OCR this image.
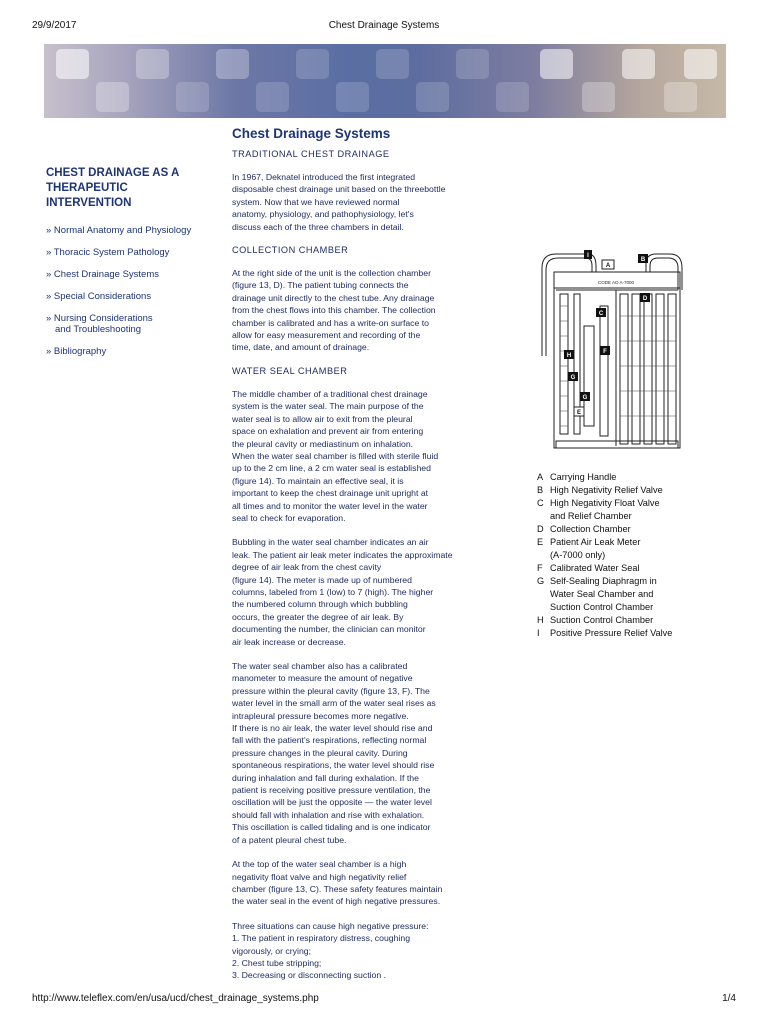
29/9/2017	Chest Drainage Systems
CHEST DRAINAGE AS A
THERAPEUTIC INTERVENTION
» Normal Anatomy and Physiology
» Thoracic System Pathology
» Chest Drainage Systems
» Special Considerations
» Nursing Considerations
and Troubleshooting
» Bibliography
Chest Drainage Systems
TRADITIONAL CHEST DRAINAGE

In 1967, Deknatel introduced the first integrated
disposable chest drainage unit based on the threebottle
system. Now that we have reviewed normal
anatomy, physiology, and pathophysiology, let's
discuss each of the three chambers in detail.

COLLECTION CHAMBER

At the right side of the unit is the collection chamber
(figure 13, D). The patient tubing connects the
drainage unit directly to the chest tube. Any drainage
from the chest flows into this chamber. The collection
chamber is calibrated and has a write-on surface to
allow for easy measurement and recording of the
time, date, and amount of drainage.

WATER SEAL CHAMBER

The middle chamber of a traditional chest drainage
system is the water seal. The main purpose of the
water seal is to allow air to exit from the pleural
space on exhalation and prevent air from entering
the pleural cavity or mediastinum on inhalation.
When the water seal chamber is filled with sterile fluid
up to the 2 cm line, a 2 cm water seal is established
(figure 14). To maintain an effective seal, it is
important to keep the chest drainage unit upright at
all times and to monitor the water level in the water
seal to check for evaporation.

Bubbling in the water seal chamber indicates an air
leak. The patient air leak meter indicates the approximate
degree of air leak from the chest cavity
(figure 14). The meter is made up of numbered
columns, labeled from 1 (low) to 7 (high). The higher
the numbered column through which bubbling
occurs, the greater the degree of air leak. By
documenting the number, the clinician can monitor
air leak increase or decrease.

The water seal chamber also has a calibrated
manometer to measure the amount of negative
pressure within the pleural cavity (figure 13, F). The
water level in the small arm of the water seal rises as
intrapleural pressure becomes more negative.
If there is no air leak, the water level should rise and
fall with the patient's respirations, reflecting normal
pressure changes in the pleural cavity. During
spontaneous respirations, the water level should rise
during inhalation and fall during exhalation. If the
patient is receiving positive pressure ventilation, the
oscillation will be just the opposite — the water level
should fall with inhalation and rise with exhalation.
This oscillation is called tidaling and is one indicator
of a patent pleural chest tube.

At the top of the water seal chamber is a high
negativity float valve and high negativity relief
chamber (figure 13, C). These safety features maintain
the water seal in the event of high negative pressures.

Three situations can cause high negative pressure:
1. The patient in respiratory distress, coughing
vigorously, or crying;
2. Chest tube stripping;
3. Decreasing or disconnecting suction .

CODE AO A-7000
A
B
C
D
E
F
G
G
H
I
A Carrying Handle
B High Negativity Relief Valve
C High Negativity Float Valve
and Relief Chamber
D Collection Chamber
E Patient Air Leak Meter
(A-7000 only)
F Calibrated Water Seal
G Self-Sealing Diaphragm in
Water Seal Chamber and
Suction Control Chamber
H Suction Control Chamber
I	Positive Pressure Relief Valve
http://www.teleflex.com/en/usa/ucd/chest_drainage_systems.php	1/4
